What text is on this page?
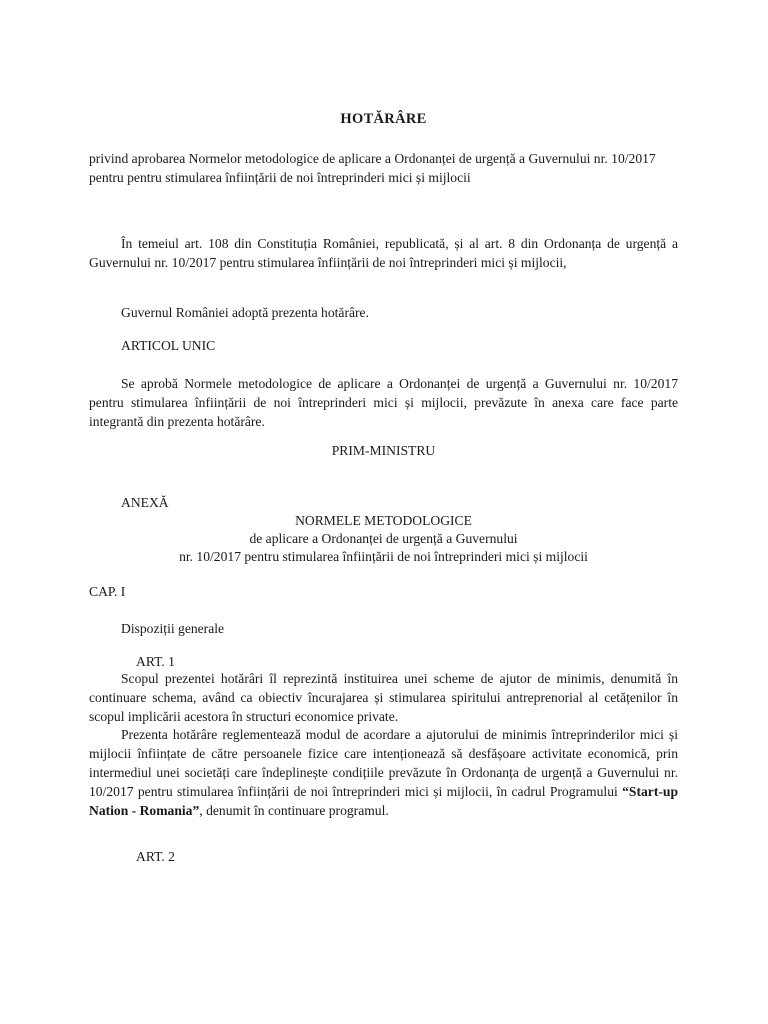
HOTĂRÂRE

privind aprobarea Normelor metodologice de aplicare a Ordonanței de urgență a Guvernului nr. 10/2017 pentru pentru stimularea înființării de noi întreprinderi mici și mijlocii

În temeiul art. 108 din Constituția României, republicată, și al art. 8 din Ordonanța de urgență a Guvernului nr. 10/2017 pentru stimularea înființării de noi întreprinderi mici și mijlocii,

Guvernul României adoptă prezenta hotărâre.

ARTICOL UNIC

Se aprobă Normele metodologice de aplicare a Ordonanței de urgență a Guvernului nr. 10/2017 pentru stimularea înființării de noi întreprinderi mici și mijlocii, prevăzute în anexa care face parte integrantă din prezenta hotărâre.

PRIM-MINISTRU

ANEXĂ

NORMELE METODOLOGICE

de aplicare a Ordonanței de urgență a Guvernului

nr. 10/2017 pentru stimularea înființării de noi întreprinderi mici și mijlocii

CAP. I

Dispoziții generale

ART. 1

Scopul prezentei hotărâri îl reprezintă instituirea unei scheme de ajutor de minimis, denumită în continuare schema, având ca obiectiv încurajarea și stimularea spiritului antreprenorial al cetățenilor în scopul implicării acestora în structuri economice private.

Prezenta hotărâre reglementează modul de acordare a ajutorului de minimis întreprinderilor mici și mijlocii înființate de către persoanele fizice care intenționează să desfășoare activitate economică, prin intermediul unei societăți care îndeplinește condițiile prevăzute în Ordonanța de urgență a Guvernului nr. 10/2017 pentru stimularea înființării de noi întreprinderi mici și mijlocii, în cadrul Programului “Start-up Nation - Romania”, denumit în continuare programul.

ART. 2
